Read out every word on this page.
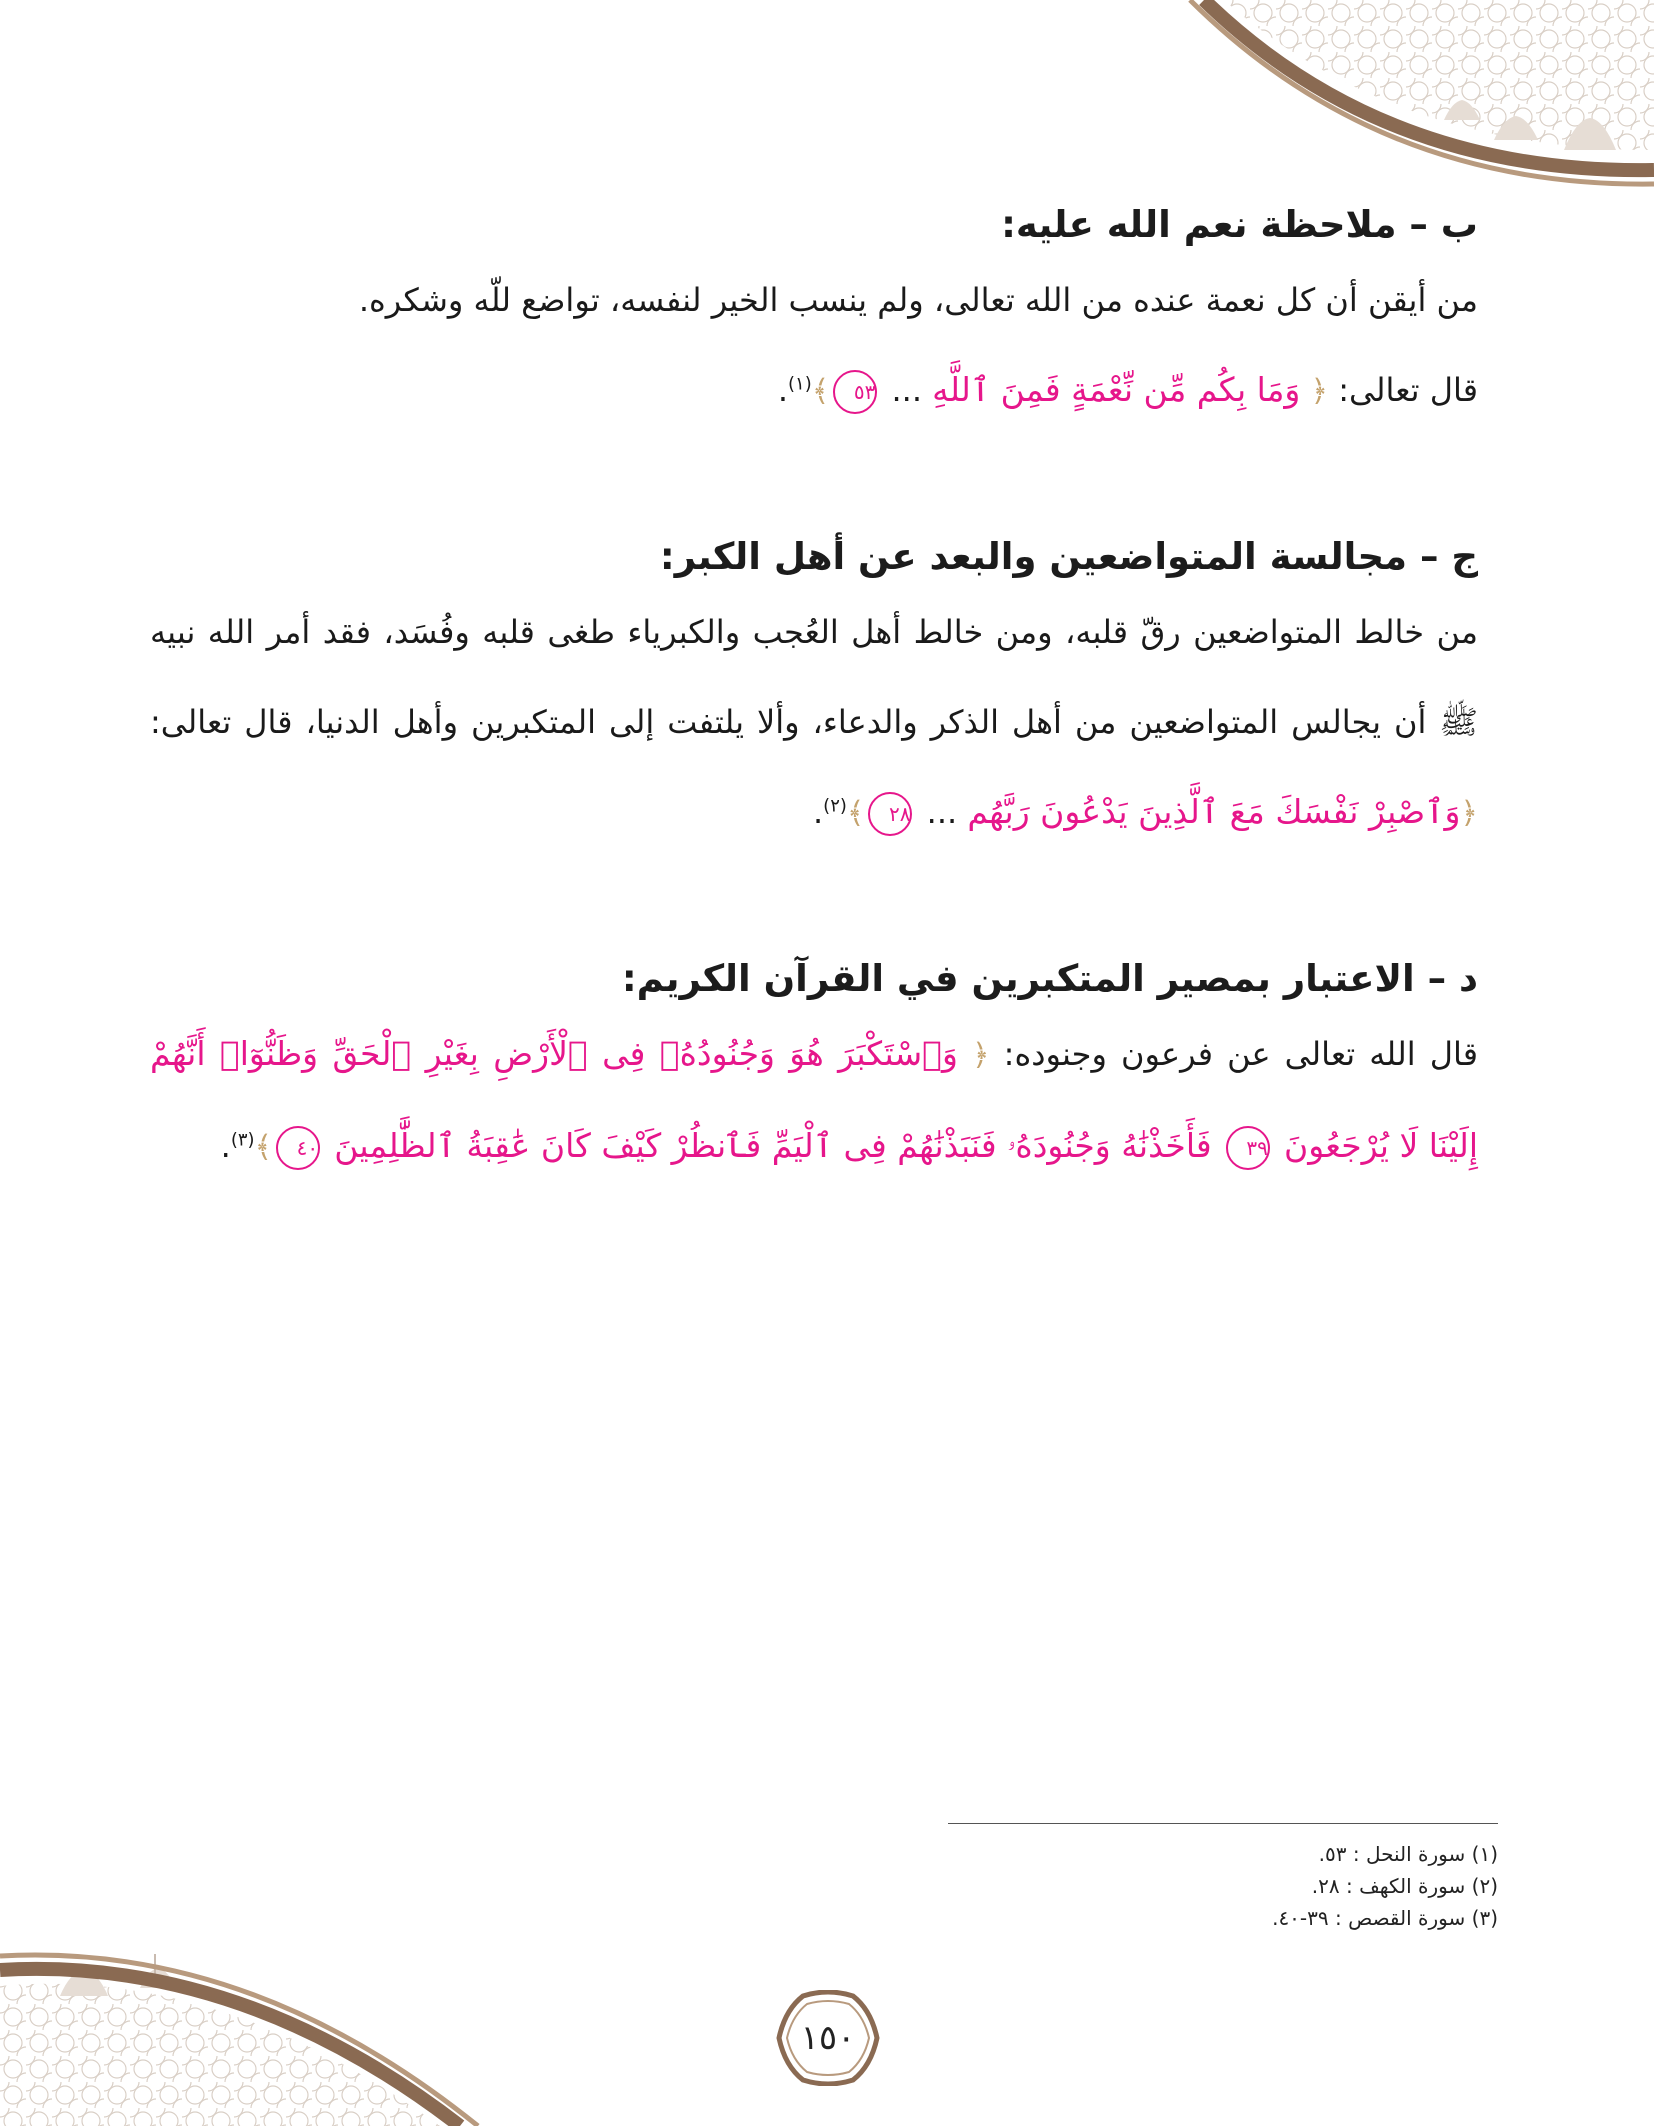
ب – ملاحظة نعم الله عليه:

من أيقن أن كل نعمة عنده من الله تعالى، ولم ينسب الخير لنفسه، تواضع للّه وشكره.
قال تعالى: ﴿ وَمَا بِكُم مِّن نِّعْمَةٍ فَمِنَ ٱللَّهِ ... ٥٣﴾$^{(١)}$.

ج – مجالسة المتواضعين والبعد عن أهل الكبر:

من خالط المتواضعين رقّ قلبه، ومن خالط أهل العُجب والكبرياء طغى قلبه وفُسَد، فقد أمر الله نبيه ﷺ أن يجالس المتواضعين من أهل الذكر والدعاء، وألا يلتفت إلى المتكبرين وأهل الدنيا، قال تعالى: ﴿وَٱصْبِرْ نَفْسَكَ مَعَ ٱلَّذِينَ يَدْعُونَ رَبَّهُم ... ٢٨﴾$^{(٢)}$.

د – الاعتبار بمصير المتكبرين في القرآن الكريم:

قال الله تعالى عن فرعون وجنوده: ﴿ وَٱسْتَكْبَرَ هُوَ وَجُنُودُهُۥ فِى ٱلْأَرْضِ بِغَيْرِ ٱلْحَقِّ وَظَنُّوٓا۟ أَنَّهُمْ إِلَيْنَا لَا يُرْجَعُونَ ٣٩ فَأَخَذْنَٰهُ وَجُنُودَهُۥ فَنَبَذْنَٰهُمْ فِى ٱلْيَمِّ فَٱنظُرْ كَيْفَ كَانَ عَٰقِبَةُ ٱلظَّٰلِمِينَ ٤٠﴾$^{(٣)}$.

(١) سورة النحل : ٥٣.

(٢) سورة الكهف : ٢٨.

(٣) سورة القصص : ٣٩-٤٠.

١٥٠
